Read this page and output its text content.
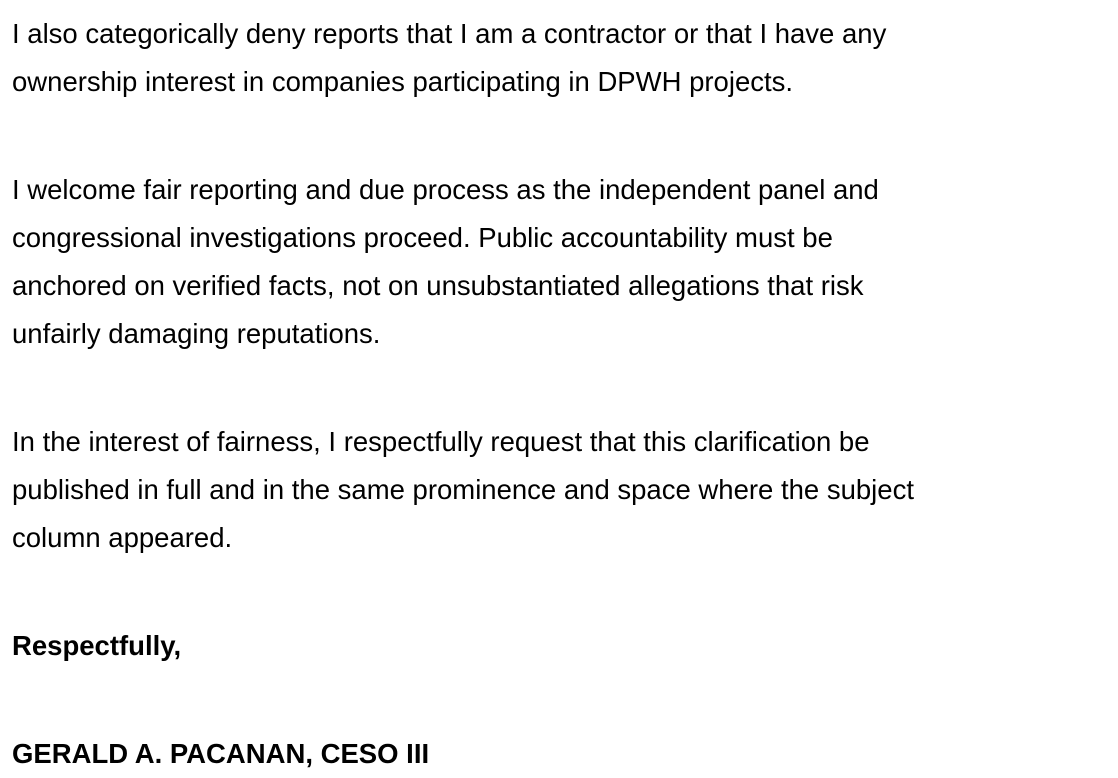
I also categorically deny reports that I am a contractor or that I have any
ownership interest in companies participating in DPWH projects.

I welcome fair reporting and due process as the independent panel and
congressional investigations proceed. Public accountability must be
anchored on verified facts, not on unsubstantiated allegations that risk
unfairly damaging reputations.

In the interest of fairness, I respectfully request that this clarification be
published in full and in the same prominence and space where the subject
column appeared.

Respectfully,

GERALD A. PACANAN, CESO III
